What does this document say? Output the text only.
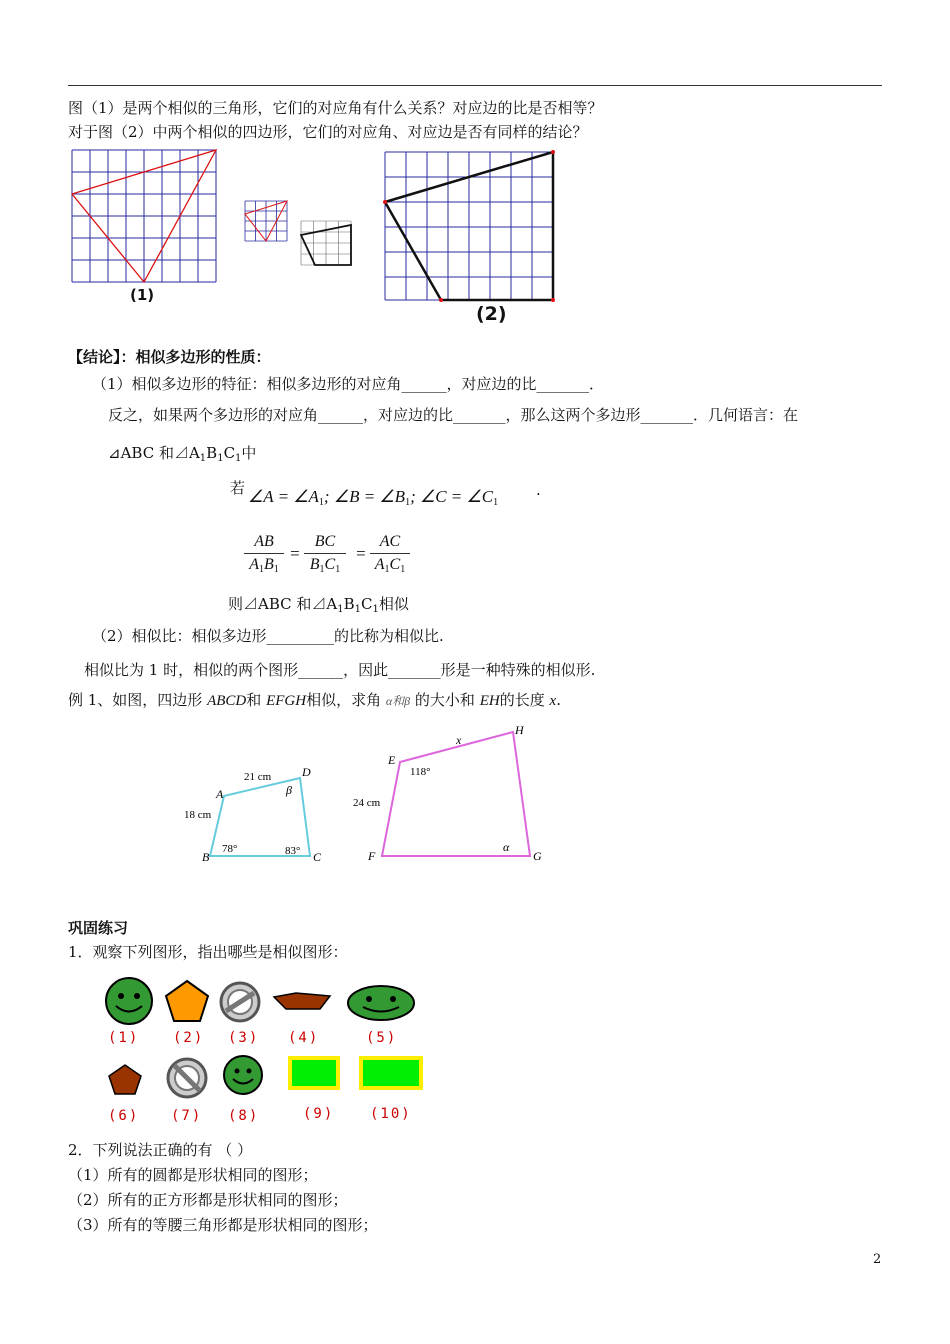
图（1）是两个相似的三角形，它们的对应角有什么关系？对应边的比是否相等？
对于图（2）中两个相似的四边形，它们的对应角、对应边是否有同样的结论？
(1)
(2)
【结论】：相似多边形的性质：
（1）相似多边形的特征：相似多边形的对应角______，对应边的比_______．
反之，如果两个多边形的对应角______，对应边的比_______，那么这两个多边形_______．几何语言：在
⊿ABC 和$⊿A_1B_1C_1$中
若 ∠A = $\angle A_1$; ∠B = $\angle B_1$; ∠C = $\angle C_1$
.
AB
$A_1B_1$
=
BC
$B_1C_1$
=
AC
$A_1C_1$
则⊿ABC 和$⊿A_1B_1C_1$相似
（2）相似比：相似多边形_________的比称为相似比.
相似比为 1 时，相似的两个图形______，因此_______形是一种特殊的相似形.
例 1、如图，四边形 ABCD和 EFGH相似，求角 α和β 的大小和 EH的长度 x.
A
B	C
D
18 cm
21 cm
78°	83°
β
E
F	G
H
24 cm
x
118°
α
巩固练习
1．观察下列图形，指出哪些是相似图形：
(1) (2) (3) (4)	(5)
(6) (7) (8)	(9)	(10)
2．下列说法正确的有 （ ）
（1）所有的圆都是形状相同的图形；
（2）所有的正方形都是形状相同的图形；
（3）所有的等腰三角形都是形状相同的图形；
2
